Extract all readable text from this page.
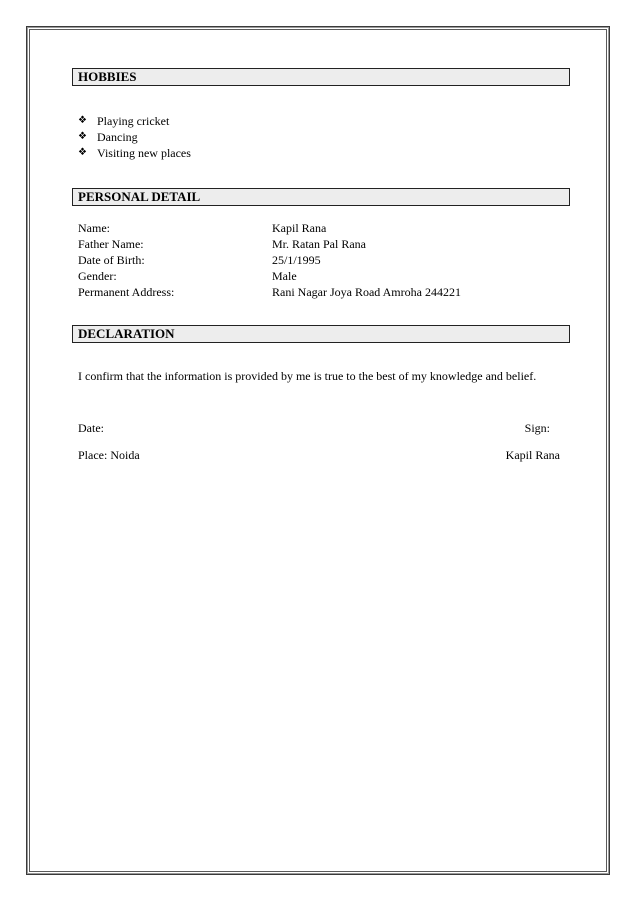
HOBBIES
❖ Playing cricket
❖ Dancing
❖ Visiting new places
PERSONAL DETAIL
Name:	Kapil Rana
Father Name:	Mr. Ratan Pal Rana
Date of Birth:	25/1/1995
Gender:	Male
Permanent Address:	Rani Nagar Joya Road Amroha 244221
DECLARATION
I confirm that the information is provided by me is true to the best of my knowledge and belief.
Date:	Sign:
Place: Noida	Kapil Rana
